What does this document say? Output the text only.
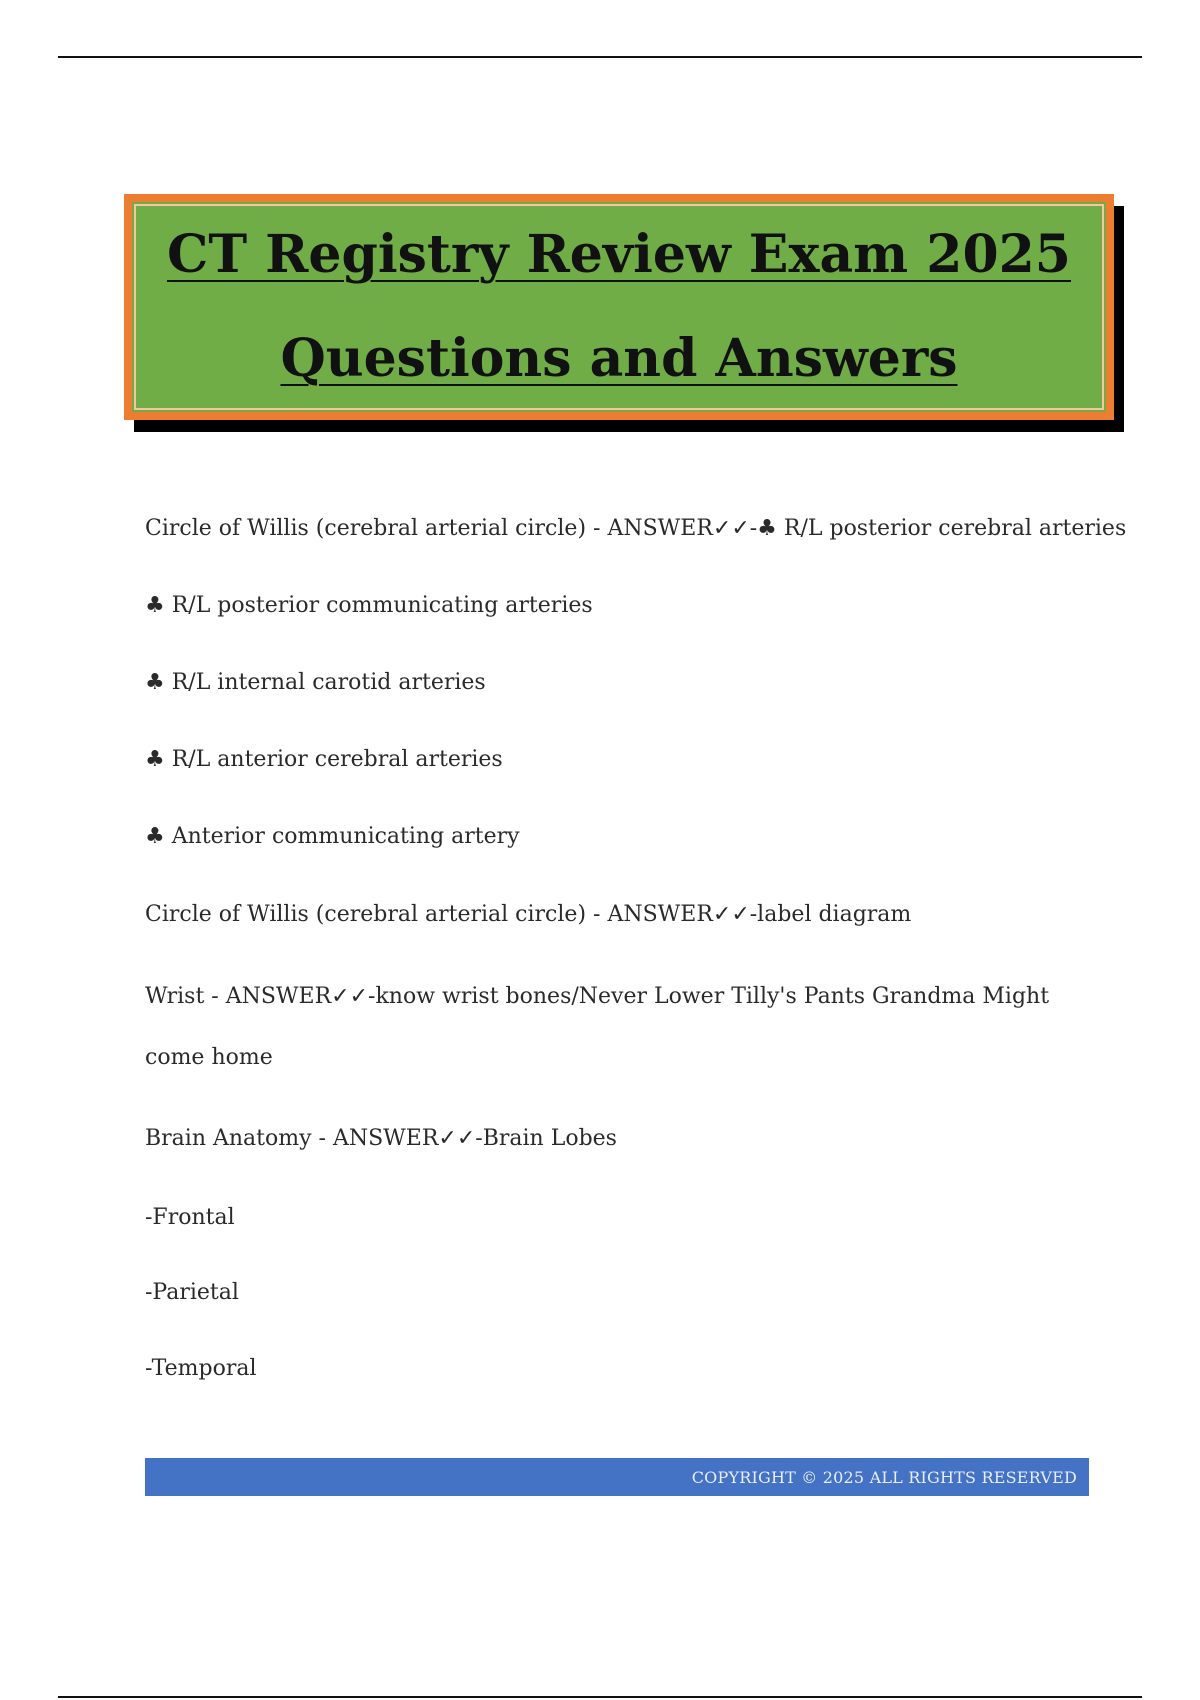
CT Registry Review Exam 2025
Questions and Answers
Circle of Willis (cerebral arterial circle) - ANSWER✓✓-♣ R/L posterior cerebral arteries
♣ R/L posterior communicating arteries
♣ R/L internal carotid arteries
♣ R/L anterior cerebral arteries
♣ Anterior communicating artery
Circle of Willis (cerebral arterial circle) - ANSWER✓✓-label diagram
Wrist - ANSWER✓✓-know wrist bones/Never Lower Tilly's Pants Grandma Might come home
Brain Anatomy - ANSWER✓✓-Brain Lobes
-Frontal
-Parietal
-Temporal
COPYRIGHT © 2025 ALL RIGHTS RESERVED
